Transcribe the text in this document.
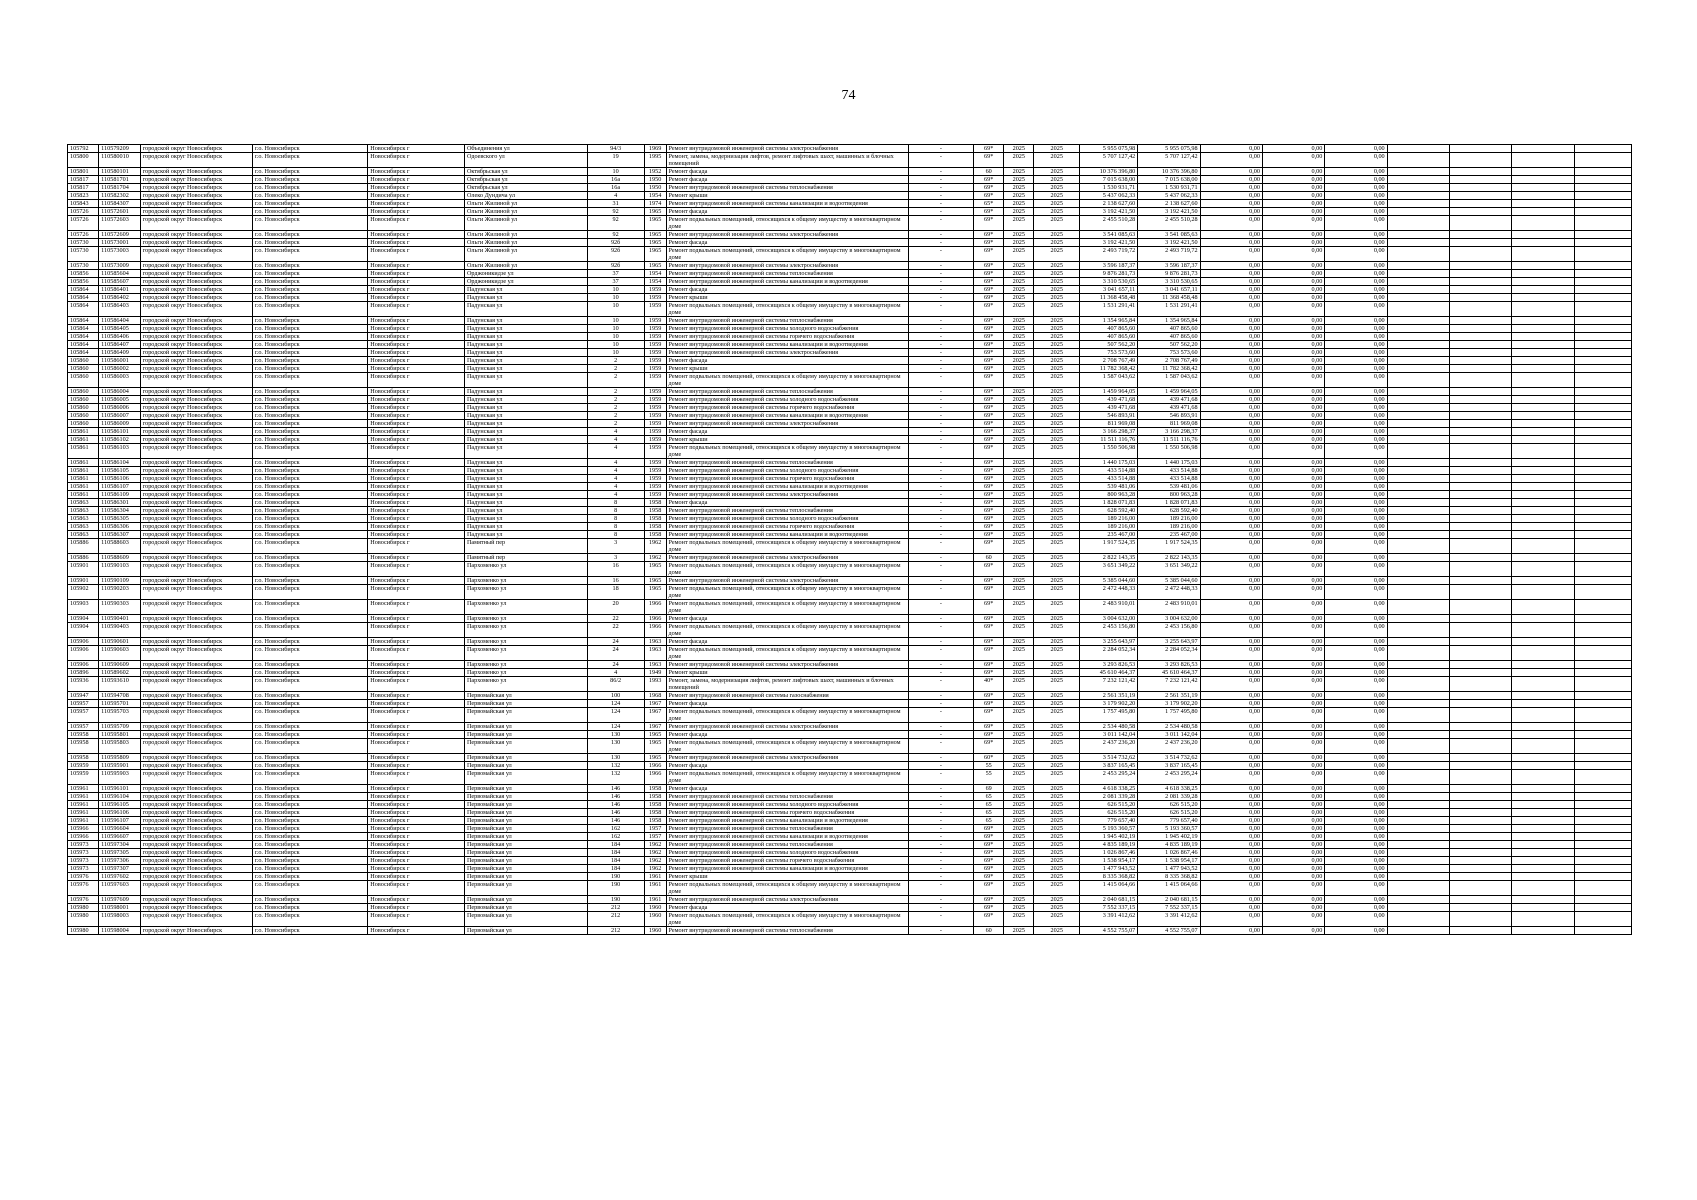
74
105792	110579209	городской округ Новосибирск	г.о. Новосибирск	Новосибирск г	Объединения ул	94/3	1969	Ремонт внутридомовой инженерной системы электроснабжения	-	69*	2025	2025	5 955 075,98	5 955 075,98	0,00	0,00	0,00				
105800	110580010	городской округ Новосибирск	г.о. Новосибирск	Новосибирск г	Одоевского ул	19	1995	Ремонт, замена, модернизация лифтов, ремонт лифтовых шахт, машинных и блочных помещений	-	69*	2025	2025	5 707 127,42	5 707 127,42	0,00	0,00	0,00				
105801	110580101	городской округ Новосибирск	г.о. Новосибирск	Новосибирск г	Октябрьская ул	10	1952	Ремонт фасада	-	60	2025	2025	10 376 396,80	10 376 396,80	0,00	0,00	0,00				
105817	110581701	городской округ Новосибирск	г.о. Новосибирск	Новосибирск г	Октябрьская ул	16а	1950	Ремонт фасада	-	69*	2025	2025	7 015 638,00	7 015 638,00	0,00	0,00	0,00				
105817	110581704	городской округ Новосибирск	г.о. Новосибирск	Новосибирск г	Октябрьская ул	16а	1950	Ремонт внутридомовой инженерной системы теплоснабжения	-	69*	2025	2025	1 530 931,71	1 530 931,71	0,00	0,00	0,00				
105823	110582302	городской округ Новосибирск	г.о. Новосибирск	Новосибирск г	Олеко Дундича ул	4	1954	Ремонт крыши	-	69*	2025	2025	5 437 062,33	5 437 062,33	0,00	0,00	0,00				
105843	110584307	городской округ Новосибирск	г.о. Новосибирск	Новосибирск г	Ольги Жилиной ул	31	1974	Ремонт внутридомовой инженерной системы канализации и водоотведения	-	65*	2025	2025	2 138 627,60	2 138 627,60	0,00	0,00	0,00				
105726	110572601	городской округ Новосибирск	г.о. Новосибирск	Новосибирск г	Ольги Жилиной ул	92	1965	Ремонт фасада	-	69*	2025	2025	3 192 421,50	3 192 421,50	0,00	0,00	0,00				
105726	110572603	городской округ Новосибирск	г.о. Новосибирск	Новосибирск г	Ольги Жилиной ул	92	1965	Ремонт подвальных помещений, относящихся к общему имуществу в многоквартирном доме	-	69*	2025	2025	2 455 510,28	2 455 510,28	0,00	0,00	0,00				
105726	110572609	городской округ Новосибирск	г.о. Новосибирск	Новосибирск г	Ольги Жилиной ул	92	1965	Ремонт внутридомовой инженерной системы электроснабжения	-	69*	2025	2025	3 541 085,63	3 541 085,63	0,00	0,00	0,00				
105730	110573001	городской округ Новосибирск	г.о. Новосибирск	Новосибирск г	Ольги Жилиной ул	92б	1965	Ремонт фасада	-	69*	2025	2025	3 192 421,50	3 192 421,50	0,00	0,00	0,00				
105730	110573003	городской округ Новосибирск	г.о. Новосибирск	Новосибирск г	Ольги Жилиной ул	92б	1965	Ремонт подвальных помещений, относящихся к общему имуществу в многоквартирном доме	-	69*	2025	2025	2 493 719,72	2 493 719,72	0,00	0,00	0,00				
105730	110573009	городской округ Новосибирск	г.о. Новосибирск	Новосибирск г	Ольги Жилиной ул	92б	1965	Ремонт внутридомовой инженерной системы электроснабжения	-	69*	2025	2025	3 596 187,37	3 596 187,37	0,00	0,00	0,00				
105856	110585604	городской округ Новосибирск	г.о. Новосибирск	Новосибирск г	Орджоникидзе ул	37	1954	Ремонт внутридомовой инженерной системы теплоснабжения	-	69*	2025	2025	9 876 281,73	9 876 281,73	0,00	0,00	0,00				
105856	110585607	городской округ Новосибирск	г.о. Новосибирск	Новосибирск г	Орджоникидзе ул	37	1954	Ремонт внутридомовой инженерной системы канализации и водоотведения	-	69*	2025	2025	3 310 530,65	3 310 530,65	0,00	0,00	0,00				
105864	110586401	городской округ Новосибирск	г.о. Новосибирск	Новосибирск г	Падунская ул	10	1959	Ремонт фасада	-	69*	2025	2025	3 041 657,11	3 041 657,11	0,00	0,00	0,00				
105864	110586402	городской округ Новосибирск	г.о. Новосибирск	Новосибирск г	Падунская ул	10	1959	Ремонт крыши	-	69*	2025	2025	11 368 458,48	11 368 458,48	0,00	0,00	0,00				
105864	110586403	городской округ Новосибирск	г.о. Новосибирск	Новосибирск г	Падунская ул	10	1959	Ремонт подвальных помещений, относящихся к общему имуществу в многоквартирном доме	-	69*	2025	2025	1 531 291,41	1 531 291,41	0,00	0,00	0,00				
105864	110586404	городской округ Новосибирск	г.о. Новосибирск	Новосибирск г	Падунская ул	10	1959	Ремонт внутридомовой инженерной системы теплоснабжения	-	69*	2025	2025	1 354 965,84	1 354 965,84	0,00	0,00	0,00				
105864	110586405	городской округ Новосибирск	г.о. Новосибирск	Новосибирск г	Падунская ул	10	1959	Ремонт внутридомовой инженерной системы холодного водоснабжения	-	69*	2025	2025	407 865,60	407 865,60	0,00	0,00	0,00				
105864	110586406	городской округ Новосибирск	г.о. Новосибирск	Новосибирск г	Падунская ул	10	1959	Ремонт внутридомовой инженерной системы горячего водоснабжения	-	69*	2025	2025	407 865,60	407 865,60	0,00	0,00	0,00				
105864	110586407	городской округ Новосибирск	г.о. Новосибирск	Новосибирск г	Падунская ул	10	1959	Ремонт внутридомовой инженерной системы канализации и водоотведения	-	69*	2025	2025	507 562,20	507 562,20	0,00	0,00	0,00				
105864	110586409	городской округ Новосибирск	г.о. Новосибирск	Новосибирск г	Падунская ул	10	1959	Ремонт внутридомовой инженерной системы электроснабжения	-	69*	2025	2025	753 573,60	753 573,60	0,00	0,00	0,00				
105860	110586001	городской округ Новосибирск	г.о. Новосибирск	Новосибирск г	Падунская ул	2	1959	Ремонт фасада	-	69*	2025	2025	2 708 767,49	2 708 767,49	0,00	0,00	0,00				
105860	110586002	городской округ Новосибирск	г.о. Новосибирск	Новосибирск г	Падунская ул	2	1959	Ремонт крыши	-	69*	2025	2025	11 782 368,42	11 782 368,42	0,00	0,00	0,00				
105860	110586003	городской округ Новосибирск	г.о. Новосибирск	Новосибирск г	Падунская ул	2	1959	Ремонт подвальных помещений, относящихся к общему имуществу в многоквартирном доме	-	69*	2025	2025	1 587 043,62	1 587 043,62	0,00	0,00	0,00				
105860	110586004	городской округ Новосибирск	г.о. Новосибирск	Новосибирск г	Падунская ул	2	1959	Ремонт внутридомовой инженерной системы теплоснабжения	-	69*	2025	2025	1 459 964,05	1 459 964,05	0,00	0,00	0,00				
105860	110586005	городской округ Новосибирск	г.о. Новосибирск	Новосибирск г	Падунская ул	2	1959	Ремонт внутридомовой инженерной системы холодного водоснабжения	-	69*	2025	2025	439 471,68	439 471,68	0,00	0,00	0,00				
105860	110586006	городской округ Новосибирск	г.о. Новосибирск	Новосибирск г	Падунская ул	2	1959	Ремонт внутридомовой инженерной системы горячего водоснабжения	-	69*	2025	2025	439 471,68	439 471,68	0,00	0,00	0,00				
105860	110586007	городской округ Новосибирск	г.о. Новосибирск	Новосибирск г	Падунская ул	2	1959	Ремонт внутридомовой инженерной системы канализации и водоотведения	-	69*	2025	2025	546 893,91	546 893,91	0,00	0,00	0,00				
105860	110586009	городской округ Новосибирск	г.о. Новосибирск	Новосибирск г	Падунская ул	2	1959	Ремонт внутридомовой инженерной системы электроснабжения	-	69*	2025	2025	811 969,08	811 969,08	0,00	0,00	0,00				
105861	110586101	городской округ Новосибирск	г.о. Новосибирск	Новосибирск г	Падунская ул	4	1959	Ремонт фасада	-	69*	2025	2025	3 166 298,37	3 166 298,37	0,00	0,00	0,00				
105861	110586102	городской округ Новосибирск	г.о. Новосибирск	Новосибирск г	Падунская ул	4	1959	Ремонт крыши	-	69*	2025	2025	11 511 116,76	11 511 116,76	0,00	0,00	0,00				
105861	110586103	городской округ Новосибирск	г.о. Новосибирск	Новосибирск г	Падунская ул	4	1959	Ремонт подвальных помещений, относящихся к общему имуществу в многоквартирном доме	-	69*	2025	2025	1 550 506,98	1 550 506,98	0,00	0,00	0,00				
105861	110586104	городской округ Новосибирск	г.о. Новосибирск	Новосибирск г	Падунская ул	4	1959	Ремонт внутридомовой инженерной системы теплоснабжения	-	69*	2025	2025	1 440 175,03	1 440 175,03	0,00	0,00	0,00				
105861	110586105	городской округ Новосибирск	г.о. Новосибирск	Новосибирск г	Падунская ул	4	1959	Ремонт внутридомовой инженерной системы холодного водоснабжения	-	69*	2025	2025	433 514,88	433 514,88	0,00	0,00	0,00				
105861	110586106	городской округ Новосибирск	г.о. Новосибирск	Новосибирск г	Падунская ул	4	1959	Ремонт внутридомовой инженерной системы горячего водоснабжения	-	69*	2025	2025	433 514,88	433 514,88	0,00	0,00	0,00				
105861	110586107	городской округ Новосибирск	г.о. Новосибирск	Новосибирск г	Падунская ул	4	1959	Ремонт внутридомовой инженерной системы канализации и водоотведения	-	69*	2025	2025	539 481,06	539 481,06	0,00	0,00	0,00				
105861	110586109	городской округ Новосибирск	г.о. Новосибирск	Новосибирск г	Падунская ул	4	1959	Ремонт внутридомовой инженерной системы электроснабжения	-	69*	2025	2025	800 963,28	800 963,28	0,00	0,00	0,00				
105863	110586301	городской округ Новосибирск	г.о. Новосибирск	Новосибирск г	Падунская ул	8	1958	Ремонт фасада	-	69*	2025	2025	1 828 071,83	1 828 071,83	0,00	0,00	0,00				
105863	110586304	городской округ Новосибирск	г.о. Новосибирск	Новосибирск г	Падунская ул	8	1958	Ремонт внутридомовой инженерной системы теплоснабжения	-	69*	2025	2025	628 592,40	628 592,40	0,00	0,00	0,00				
105863	110586305	городской округ Новосибирск	г.о. Новосибирск	Новосибирск г	Падунская ул	8	1958	Ремонт внутридомовой инженерной системы холодного водоснабжения	-	69*	2025	2025	189 216,00	189 216,00	0,00	0,00	0,00				
105863	110586306	городской округ Новосибирск	г.о. Новосибирск	Новосибирск г	Падунская ул	8	1958	Ремонт внутридомовой инженерной системы горячего водоснабжения	-	69*	2025	2025	189 216,00	189 216,00	0,00	0,00	0,00				
105863	110586307	городской округ Новосибирск	г.о. Новосибирск	Новосибирск г	Падунская ул	8	1958	Ремонт внутридомовой инженерной системы канализации и водоотведения	-	69*	2025	2025	235 467,00	235 467,00	0,00	0,00	0,00				
105886	110588603	городской округ Новосибирск	г.о. Новосибирск	Новосибирск г	Памятный пер	3	1962	Ремонт подвальных помещений, относящихся к общему имуществу в многоквартирном доме	-	69*	2025	2025	1 917 524,35	1 917 524,35	0,00	0,00	0,00				
105886	110588609	городской округ Новосибирск	г.о. Новосибирск	Новосибирск г	Памятный пер	3	1962	Ремонт внутридомовой инженерной системы электроснабжения	-	60	2025	2025	2 822 143,35	2 822 143,35	0,00	0,00	0,00				
105901	110590103	городской округ Новосибирск	г.о. Новосибирск	Новосибирск г	Пархоменко ул	16	1965	Ремонт подвальных помещений, относящихся к общему имуществу в многоквартирном доме	-	69*	2025	2025	3 651 349,22	3 651 349,22	0,00	0,00	0,00				
105901	110590109	городской округ Новосибирск	г.о. Новосибирск	Новосибирск г	Пархоменко ул	16	1965	Ремонт внутридомовой инженерной системы электроснабжения	-	69*	2025	2025	5 385 044,60	5 385 044,60	0,00	0,00	0,00				
105902	110590203	городской округ Новосибирск	г.о. Новосибирск	Новосибирск г	Пархоменко ул	18	1965	Ремонт подвальных помещений, относящихся к общему имуществу в многоквартирном доме	-	69*	2025	2025	2 472 448,33	2 472 448,33	0,00	0,00	0,00				
105903	110590303	городской округ Новосибирск	г.о. Новосибирск	Новосибирск г	Пархоменко ул	20	1966	Ремонт подвальных помещений, относящихся к общему имуществу в многоквартирном доме	-	69*	2025	2025	2 483 910,01	2 483 910,01	0,00	0,00	0,00				
105904	110590401	городской округ Новосибирск	г.о. Новосибирск	Новосибирск г	Пархоменко ул	22	1966	Ремонт фасада	-	69*	2025	2025	3 004 632,00	3 004 632,00	0,00	0,00	0,00				
105904	110590403	городской округ Новосибирск	г.о. Новосибирск	Новосибирск г	Пархоменко ул	22	1966	Ремонт подвальных помещений, относящихся к общему имуществу в многоквартирном доме	-	69*	2025	2025	2 453 156,80	2 453 156,80	0,00	0,00	0,00				
105906	110590601	городской округ Новосибирск	г.о. Новосибирск	Новосибирск г	Пархоменко ул	24	1963	Ремонт фасада	-	69*	2025	2025	3 255 643,97	3 255 643,97	0,00	0,00	0,00				
105906	110590603	городской округ Новосибирск	г.о. Новосибирск	Новосибирск г	Пархоменко ул	24	1963	Ремонт подвальных помещений, относящихся к общему имуществу в многоквартирном доме	-	69*	2025	2025	2 284 052,34	2 284 052,34	0,00	0,00	0,00				
105906	110590609	городской округ Новосибирск	г.о. Новосибирск	Новосибирск г	Пархоменко ул	24	1963	Ремонт внутридомовой инженерной системы электроснабжения	-	69*	2025	2025	3 293 826,53	3 293 826,53	0,00	0,00	0,00				
105896	110589602	городской округ Новосибирск	г.о. Новосибирск	Новосибирск г	Пархоменко ул	4	1949	Ремонт крыши	-	69*	2025	2025	45 610 464,37	45 610 464,37	0,00	0,00	0,00				
105936	110593610	городской округ Новосибирск	г.о. Новосибирск	Новосибирск г	Пархоменко ул	86/2	1993	Ремонт, замена, модернизация лифтов, ремонт лифтовых шахт, машинных и блочных помещений	-	40*	2025	2025	7 232 121,42	7 232 121,42	0,00	0,00	0,00				
105947	110594708	городской округ Новосибирск	г.о. Новосибирск	Новосибирск г	Первомайская ул	100	1968	Ремонт внутридомовой инженерной системы газоснабжения	-	69*	2025	2025	2 561 351,19	2 561 351,19	0,00	0,00	0,00				
105957	110595701	городской округ Новосибирск	г.о. Новосибирск	Новосибирск г	Первомайская ул	124	1967	Ремонт фасада	-	69*	2025	2025	3 179 902,20	3 179 902,20	0,00	0,00	0,00				
105957	110595703	городской округ Новосибирск	г.о. Новосибирск	Новосибирск г	Первомайская ул	124	1967	Ремонт подвальных помещений, относящихся к общему имуществу в многоквартирном доме	-	69*	2025	2025	1 757 495,80	1 757 495,80	0,00	0,00	0,00				
105957	110595709	городской округ Новосибирск	г.о. Новосибирск	Новосибирск г	Первомайская ул	124	1967	Ремонт внутридомовой инженерной системы электроснабжения	-	69*	2025	2025	2 534 480,58	2 534 480,58	0,00	0,00	0,00				
105958	110595801	городской округ Новосибирск	г.о. Новосибирск	Новосибирск г	Первомайская ул	130	1965	Ремонт фасада	-	69*	2025	2025	3 011 142,04	3 011 142,04	0,00	0,00	0,00				
105958	110595803	городской округ Новосибирск	г.о. Новосибирск	Новосибирск г	Первомайская ул	130	1965	Ремонт подвальных помещений, относящихся к общему имуществу в многоквартирном доме	-	69*	2025	2025	2 437 236,20	2 437 236,20	0,00	0,00	0,00				
105958	110595809	городской округ Новосибирск	г.о. Новосибирск	Новосибирск г	Первомайская ул	130	1965	Ремонт внутридомовой инженерной системы электроснабжения	-	60*	2025	2025	3 514 732,62	3 514 732,62	0,00	0,00	0,00				
105959	110595901	городской округ Новосибирск	г.о. Новосибирск	Новосибирск г	Первомайская ул	132	1966	Ремонт фасада	-	55	2025	2025	3 837 165,45	3 837 165,45	0,00	0,00	0,00				
105959	110595903	городской округ Новосибирск	г.о. Новосибирск	Новосибирск г	Первомайская ул	132	1966	Ремонт подвальных помещений, относящихся к общему имуществу в многоквартирном доме	-	55	2025	2025	2 453 295,24	2 453 295,24	0,00	0,00	0,00				
105961	110596101	городской округ Новосибирск	г.о. Новосибирск	Новосибирск г	Первомайская ул	146	1958	Ремонт фасада	-	69	2025	2025	4 618 338,25	4 618 338,25	0,00	0,00	0,00				
105961	110596104	городской округ Новосибирск	г.о. Новосибирск	Новосибирск г	Первомайская ул	146	1958	Ремонт внутридомовой инженерной системы теплоснабжения	-	65	2025	2025	2 081 339,28	2 081 339,28	0,00	0,00	0,00				
105961	110596105	городской округ Новосибирск	г.о. Новосибирск	Новосибирск г	Первомайская ул	146	1958	Ремонт внутридомовой инженерной системы холодного водоснабжения	-	65	2025	2025	626 515,20	626 515,20	0,00	0,00	0,00				
105961	110596106	городской округ Новосибирск	г.о. Новосибирск	Новосибирск г	Первомайская ул	146	1958	Ремонт внутридомовой инженерной системы горячего водоснабжения	-	65	2025	2025	626 515,20	626 515,20	0,00	0,00	0,00				
105961	110596107	городской округ Новосибирск	г.о. Новосибирск	Новосибирск г	Первомайская ул	146	1958	Ремонт внутридомовой инженерной системы канализации и водоотведения	-	65	2025	2025	779 657,40	779 657,40	0,00	0,00	0,00				
105966	110596604	городской округ Новосибирск	г.о. Новосибирск	Новосибирск г	Первомайская ул	162	1957	Ремонт внутридомовой инженерной системы теплоснабжения	-	69*	2025	2025	5 193 360,57	5 193 360,57	0,00	0,00	0,00				
105966	110596607	городской округ Новосибирск	г.о. Новосибирск	Новосибирск г	Первомайская ул	162	1957	Ремонт внутридомовой инженерной системы канализации и водоотведения	-	69*	2025	2025	1 945 402,19	1 945 402,19	0,00	0,00	0,00				
105973	110597304	городской округ Новосибирск	г.о. Новосибирск	Новосибирск г	Первомайская ул	184	1962	Ремонт внутридомовой инженерной системы теплоснабжения	-	69*	2025	2025	4 835 189,19	4 835 189,19	0,00	0,00	0,00				
105973	110597305	городской округ Новосибирск	г.о. Новосибирск	Новосибирск г	Первомайская ул	184	1962	Ремонт внутридомовой инженерной системы холодного водоснабжения	-	69*	2025	2025	1 026 867,46	1 026 867,46	0,00	0,00	0,00				
105973	110597306	городской округ Новосибирск	г.о. Новосибирск	Новосибирск г	Первомайская ул	184	1962	Ремонт внутридомовой инженерной системы горячего водоснабжения	-	69*	2025	2025	1 538 954,17	1 538 954,17	0,00	0,00	0,00				
105973	110597307	городской округ Новосибирск	г.о. Новосибирск	Новосибирск г	Первомайская ул	184	1962	Ремонт внутридомовой инженерной системы канализации и водоотведения	-	69*	2025	2025	1 477 943,52	1 477 943,52	0,00	0,00	0,00				
105976	110597602	городской округ Новосибирск	г.о. Новосибирск	Новосибирск г	Первомайская ул	190	1961	Ремонт крыши	-	69*	2025	2025	8 335 368,82	8 335 368,82	0,00	0,00	0,00				
105976	110597603	городской округ Новосибирск	г.о. Новосибирск	Новосибирск г	Первомайская ул	190	1961	Ремонт подвальных помещений, относящихся к общему имуществу в многоквартирном доме	-	69*	2025	2025	1 415 064,66	1 415 064,66	0,00	0,00	0,00				
105976	110597609	городской округ Новосибирск	г.о. Новосибирск	Новосибирск г	Первомайская ул	190	1961	Ремонт внутридомовой инженерной системы электроснабжения	-	69*	2025	2025	2 040 681,15	2 040 681,15	0,00	0,00	0,00				
105980	110598001	городской округ Новосибирск	г.о. Новосибирск	Новосибирск г	Первомайская ул	212	1960	Ремонт фасада	-	69*	2025	2025	7 552 337,15	7 552 337,15	0,00	0,00	0,00				
105980	110598003	городской округ Новосибирск	г.о. Новосибирск	Новосибирск г	Первомайская ул	212	1960	Ремонт подвальных помещений, относящихся к общему имуществу в многоквартирном доме	-	69*	2025	2025	3 391 412,62	3 391 412,62	0,00	0,00	0,00				
105980	110598004	городской округ Новосибирск	г.о. Новосибирск	Новосибирск г	Первомайская ул	212	1960	Ремонт внутридомовой инженерной системы теплоснабжения	-	60	2025	2025	4 552 755,07	4 552 755,07	0,00	0,00	0,00				
